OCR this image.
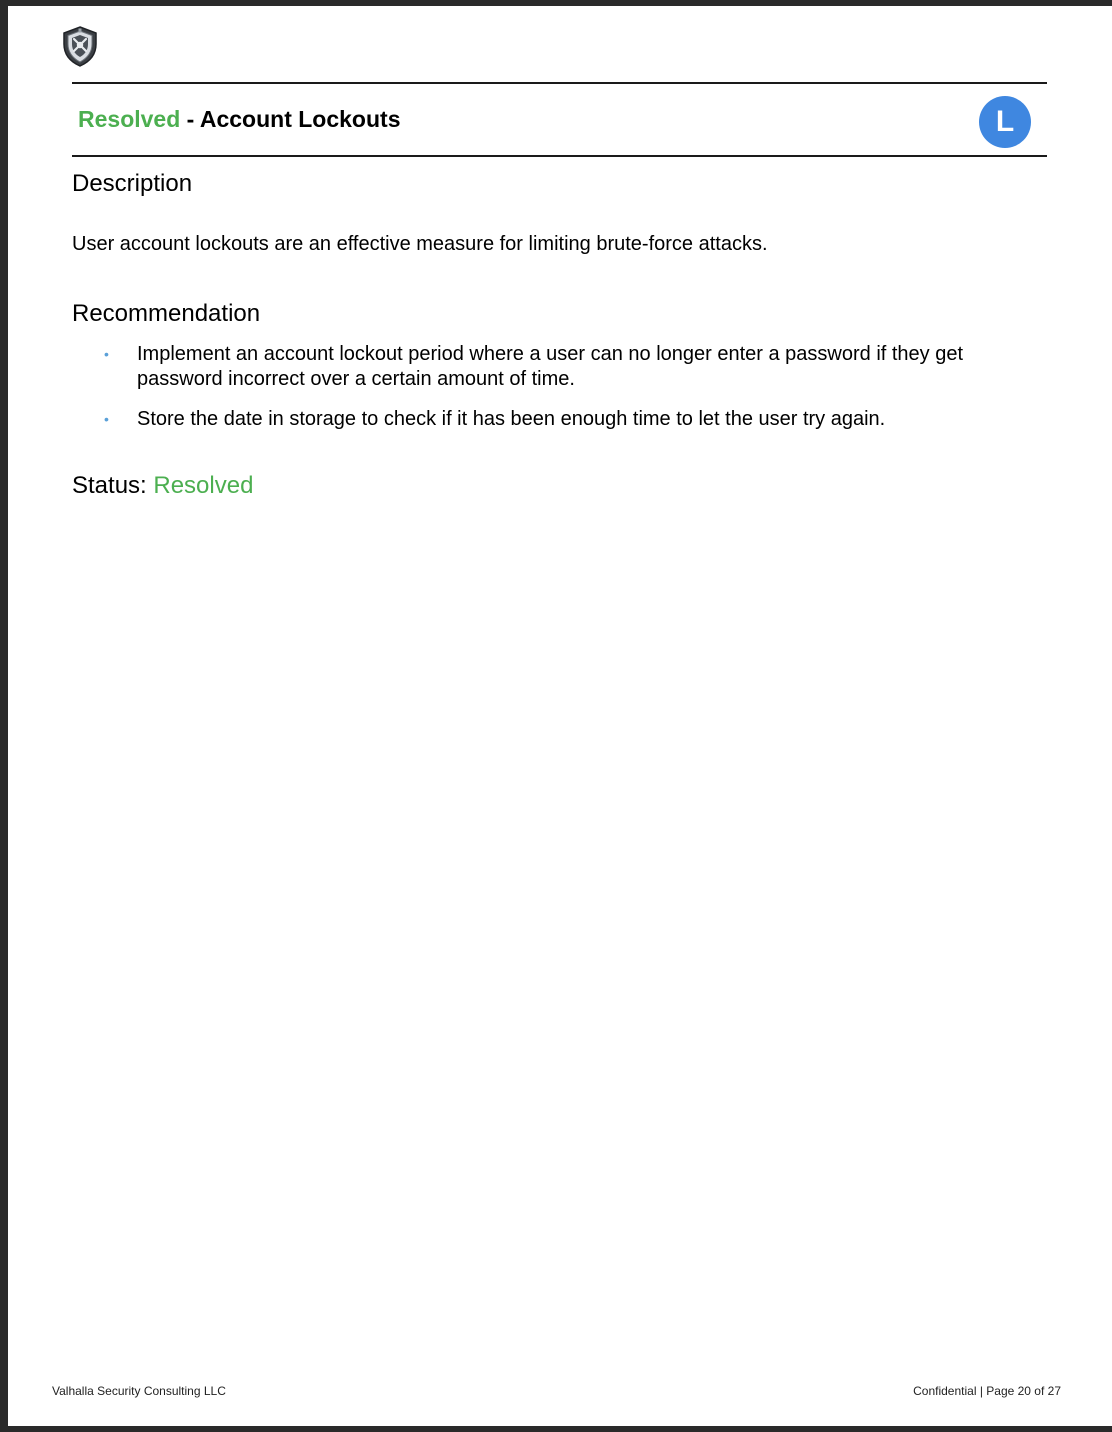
Resolved - Account Lockouts	L
Description
User account lockouts are an effective measure for limiting brute-force attacks.
Recommendation
• Implement an account lockout period where a user can no longer enter a password if they get password incorrect over a certain amount of time.
• Store the date in storage to check if it has been enough time to let the user try again.
Status: Resolved
Valhalla Security Consulting LLC	Confidential | Page 20 of 27
